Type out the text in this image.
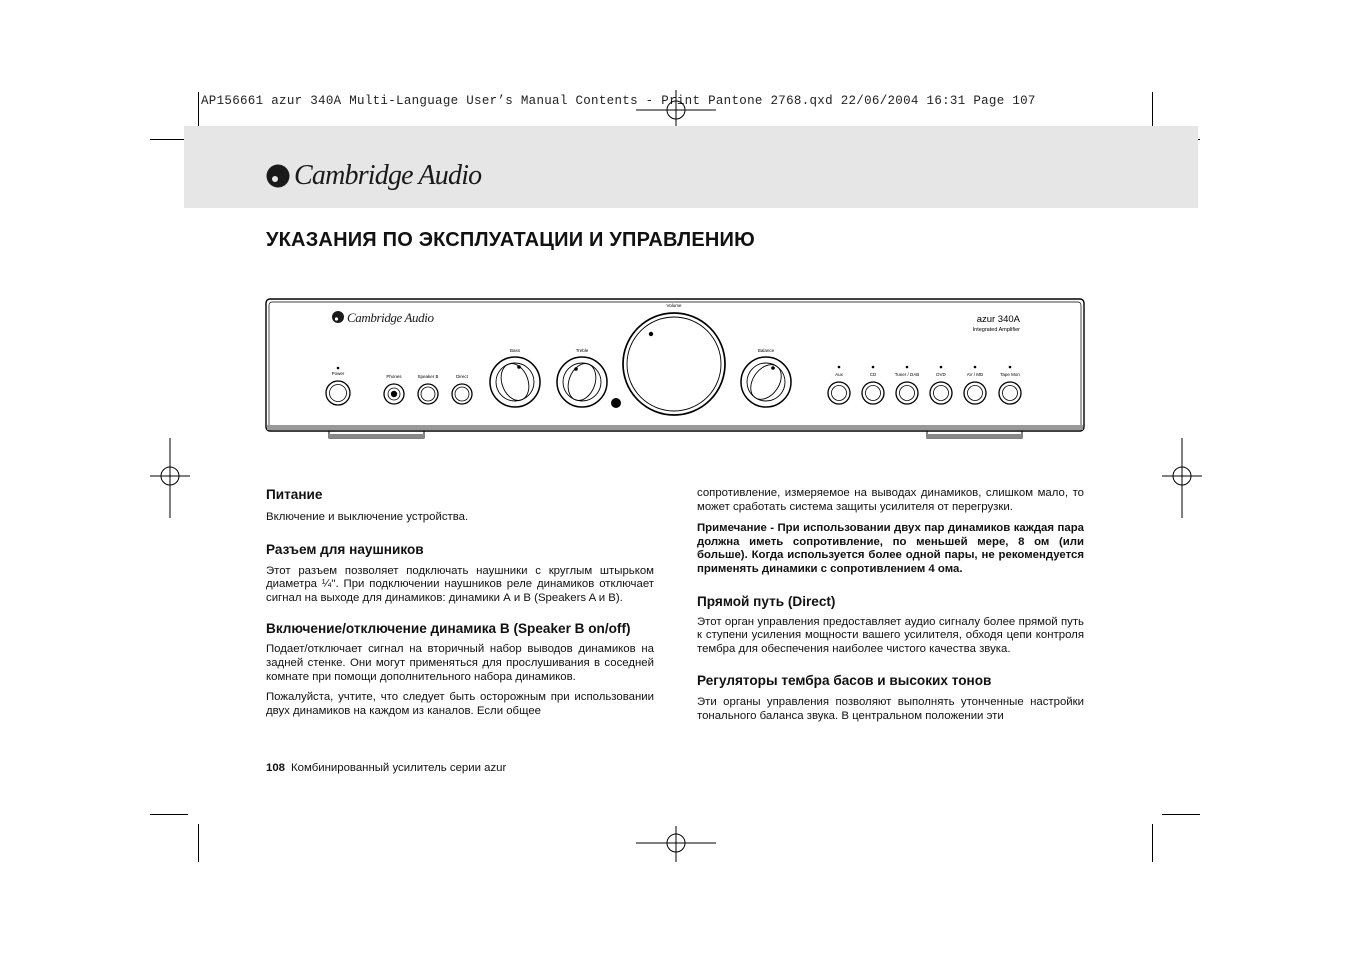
AP156661 azur 340A Multi-Language User’s Manual Contents - Print Pantone 2768.qxd 22/06/2004 16:31 Page 107
Cambridge Audio
УКАЗАНИЯ ПО ЭКСПЛУАТАЦИИ И УПРАВЛЕНИЮ
Cambridge Audio	azur 340A
Integrated Amplifier
Power
Phones	Speaker B	Direct
Bass	Treble
Volume
Balance
Aux	CD	Tuner / DAB	DVD	AV / MD	Tape Mon
Питание

Включение и выключение устройства.

Разъем для наушников

Этот разъем позволяет подключать наушники с круглым штырьком диаметра ¼". При подключении наушников реле динамиков отключает сигнал на выходе для динамиков: динамики А и В (Speakers A и B).

Включение/отключение динамика В (Speaker B on/off)

Подает/отключает сигнал на вторичный набор выводов динамиков на задней стенке. Они могут применяться для прослушивания в соседней комнате при помощи дополнительного набора динамиков.

Пожалуйста, учтите, что следует быть осторожным при использовании двух динамиков на каждом из каналов. Если общее

сопротивление, измеряемое на выводах динамиков, слишком мало, то может сработать система защиты усилителя от перегрузки.

Примечание - При использовании двух пар динамиков каждая пара должна иметь сопротивление, по меньшей мере, 8 ом (или больше). Когда используется более одной пары, не рекомендуется применять динамики с сопротивлением 4 ома.

Прямой путь (Direct)

Этот орган управления предоставляет аудио сигналу более прямой путь к ступени усиления мощности вашего усилителя, обходя цепи контроля тембра для обеспечения наиболее чистого качества звука.

Регуляторы тембра басов и высоких тонов

Эти органы управления позволяют выполнять утонченные настройки тонального баланса звука. В центральном положении эти

108 Комбинированный усилитель серии azur
